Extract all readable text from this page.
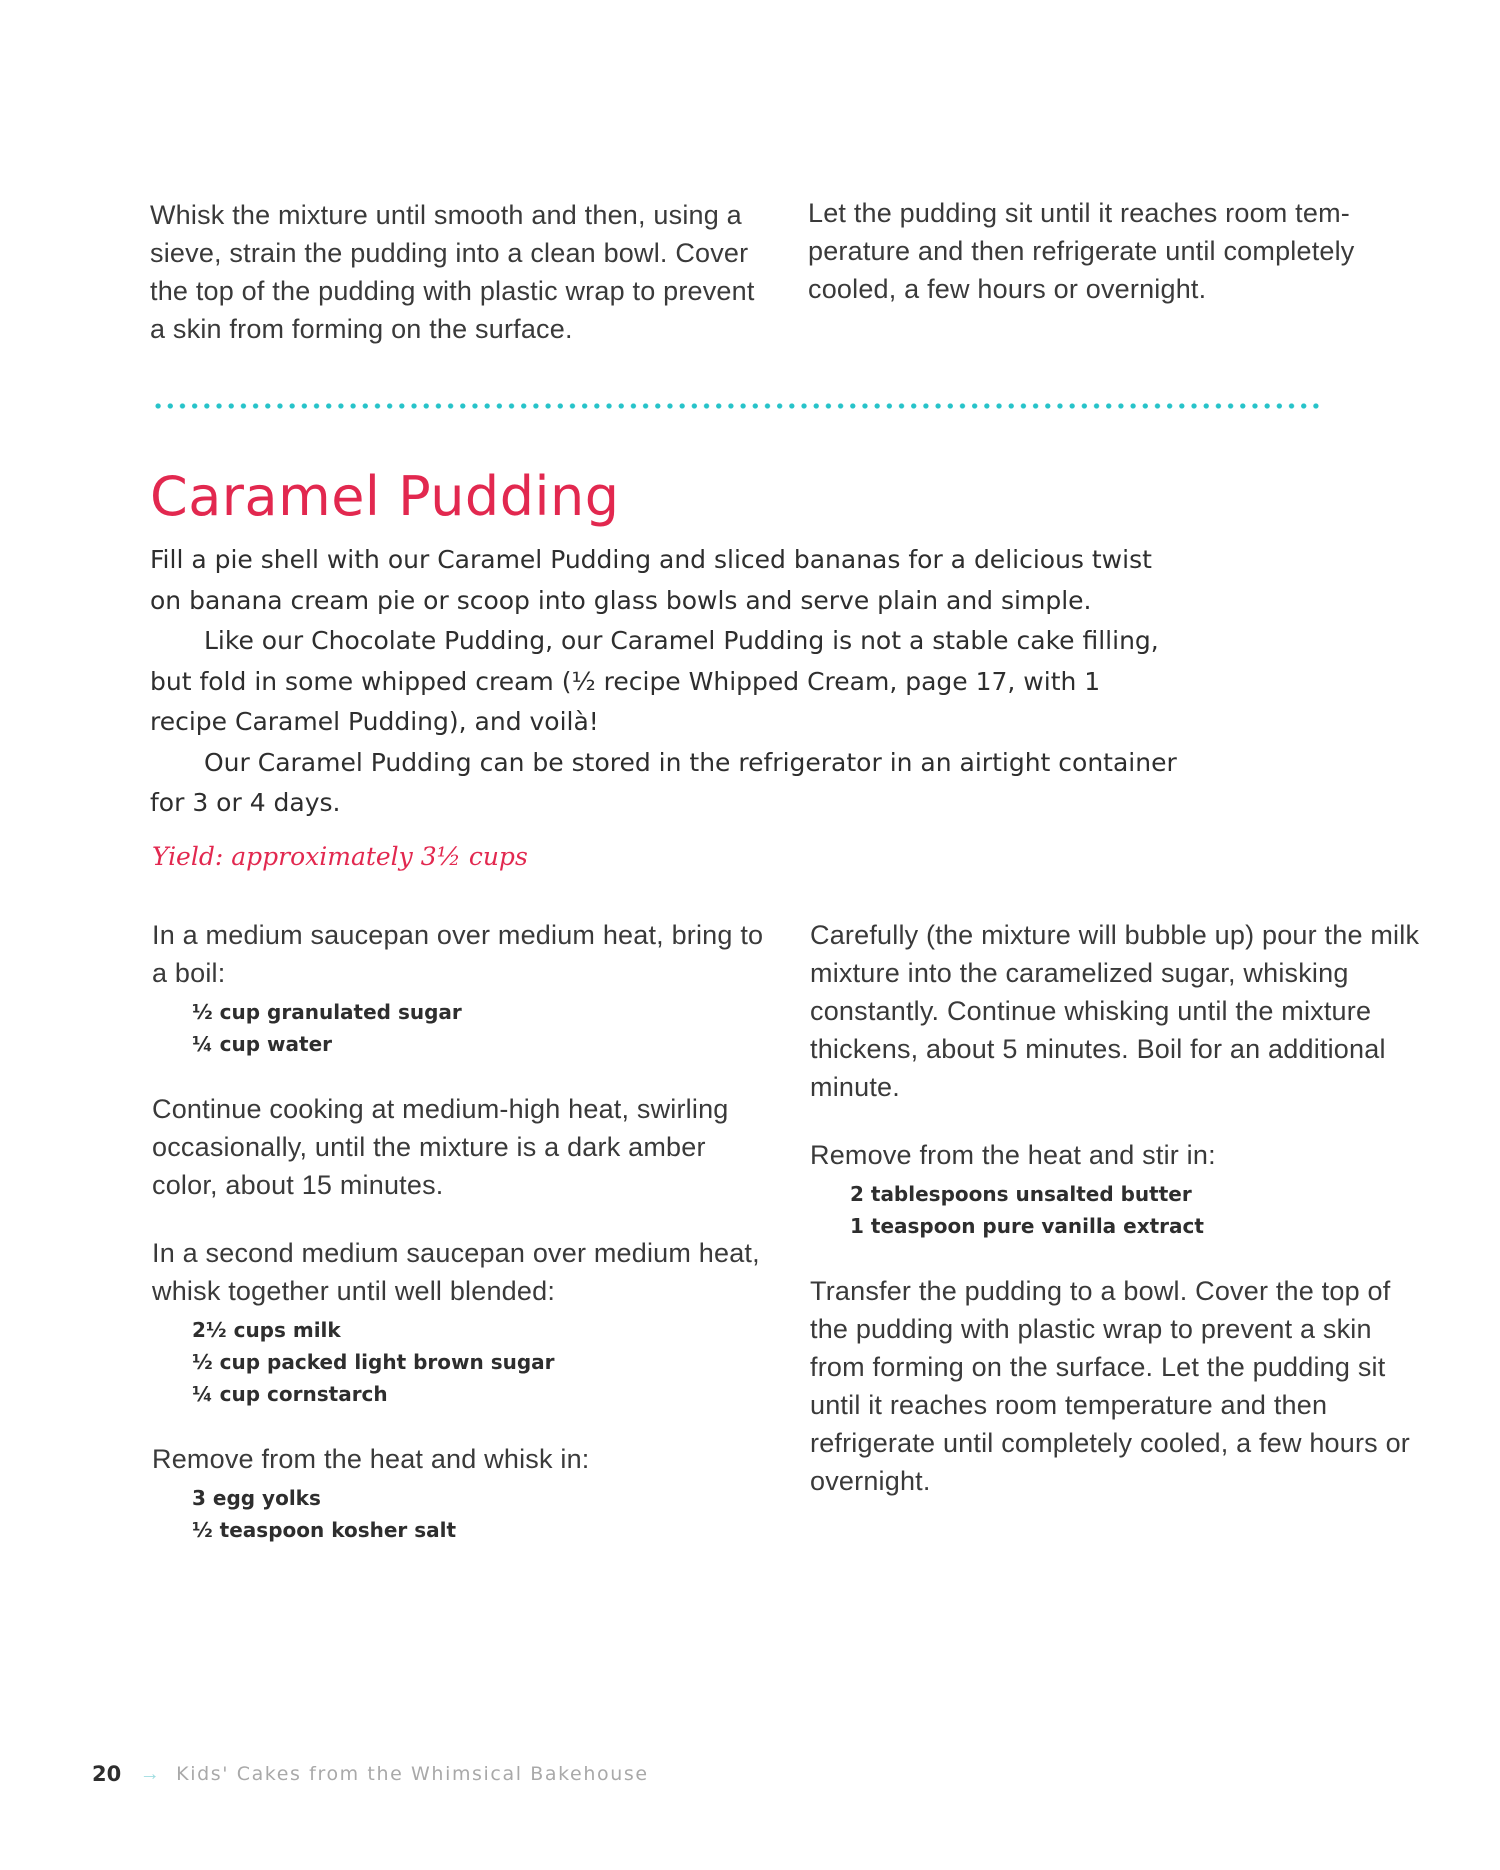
Whisk the mixture until smooth and then, using a sieve, strain the pudding into a clean bowl. Cover the top of the pudding with plastic wrap to prevent a skin from forming on the surface.

Let the pudding sit until it reaches room tem-perature and then refrigerate until completely cooled, a few hours or overnight.

Caramel Pudding

Fill a pie shell with our Caramel Pudding and sliced bananas for a delicious twist on banana cream pie or scoop into glass bowls and serve plain and simple.

Like our Chocolate Pudding, our Caramel Pudding is not a stable cake filling, but fold in some whipped cream (½ recipe Whipped Cream, page 17, with 1 recipe Caramel Pudding), and voilà!

Our Caramel Pudding can be stored in the refrigerator in an airtight container for 3 or 4 days.

Yield: approximately 3½ cups

In a medium saucepan over medium heat, bring to a boil:

½ cup granulated sugar
¼ cup water

Continue cooking at medium-high heat, swirling occasionally, until the mixture is a dark amber color, about 15 minutes.

In a second medium saucepan over medium heat, whisk together until well blended:

2½ cups milk
½ cup packed light brown sugar
¼ cup cornstarch

Remove from the heat and whisk in:

3 egg yolks
½ teaspoon kosher salt

Carefully (the mixture will bubble up) pour the milk mixture into the caramelized sugar, whisking constantly. Continue whisking until the mixture thickens, about 5 minutes. Boil for an additional minute.

Remove from the heat and stir in:

2 tablespoons unsalted butter
1 teaspoon pure vanilla extract

Transfer the pudding to a bowl. Cover the top of the pudding with plastic wrap to prevent a skin from forming on the surface. Let the pudding sit until it reaches room temperature and then refrigerate until completely cooled, a few hours or overnight.

20 → Kids' Cakes from the Whimsical Bakehouse
